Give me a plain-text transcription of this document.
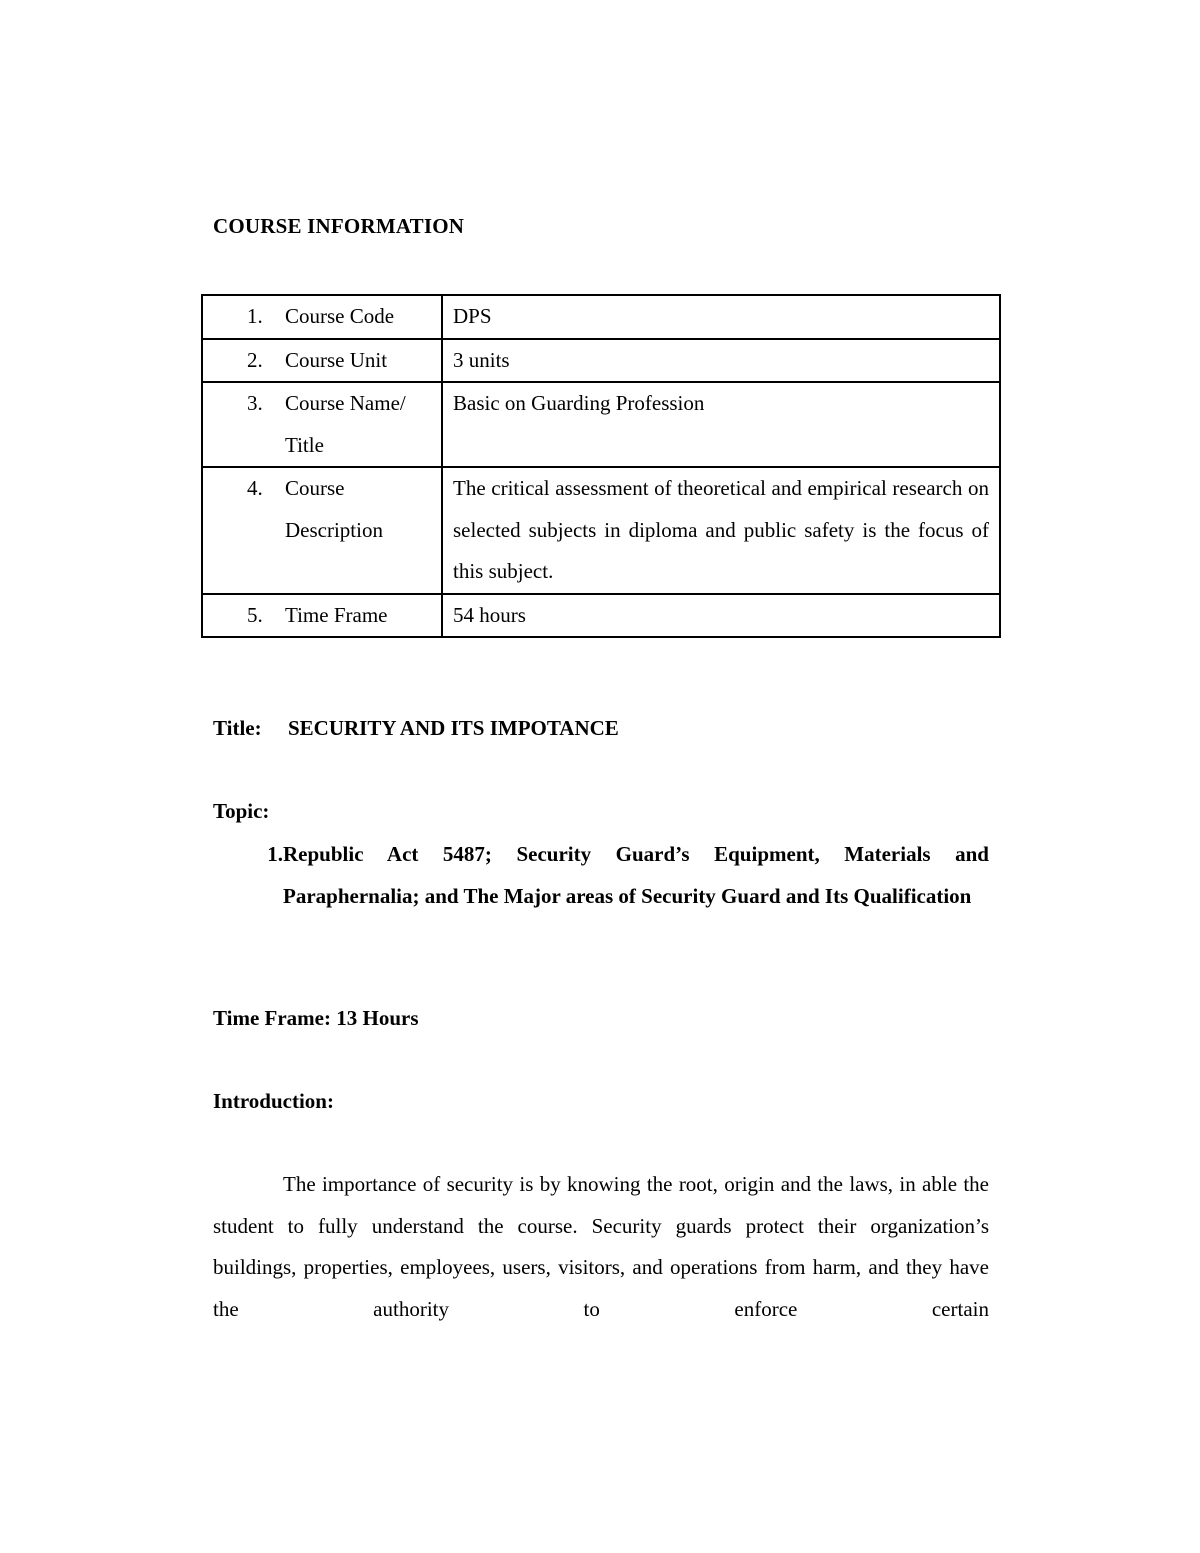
COURSE INFORMATION
1. Course Code	DPS

2. Course Unit	3 units

3. Course Name/ Title	Basic on Guarding Profession

4. Course Description	The critical assessment of theoretical and empirical research on selected subjects in diploma and public safety is the focus of this subject.

5. Time Frame	54 hours
Title: SECURITY AND ITS IMPOTANCE
Topic:
1. Republic Act 5487; Security Guard’s Equipment, Materials and Paraphernalia; and The Major areas of Security Guard and Its Qualification
Time Frame: 13 Hours
Introduction:
The importance of security is by knowing the root, origin and the laws, in able the student to fully understand the course. Security guards protect their organization’s buildings, properties, employees, users, visitors, and operations from harm, and they have the authority to enforce certain
